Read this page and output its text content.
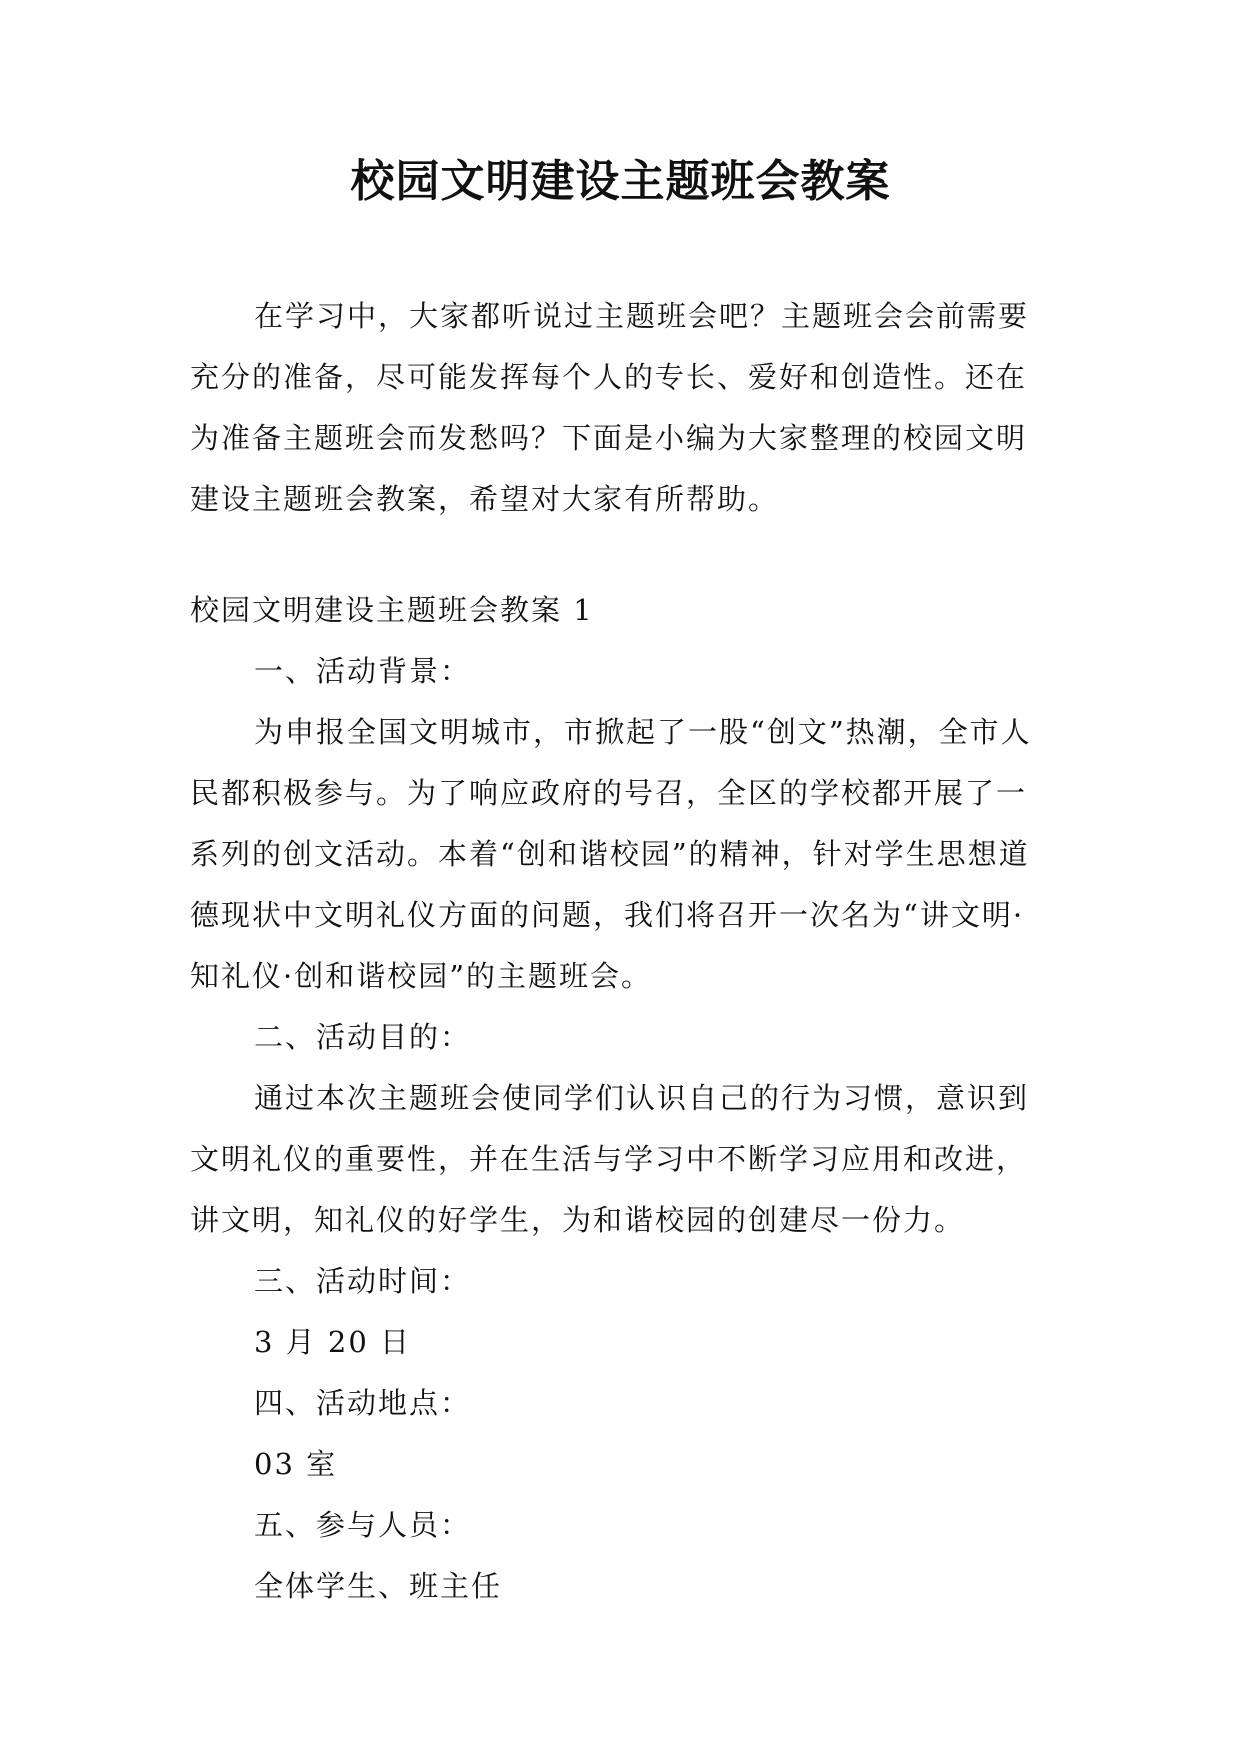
校园文明建设主题班会教案

在学习中，大家都听说过主题班会吧？主题班会会前需要充分的准备，尽可能发挥每个人的专长、爱好和创造性。还在为准备主题班会而发愁吗？下面是小编为大家整理的校园文明建设主题班会教案，希望对大家有所帮助。

校园文明建设主题班会教案 1

一、活动背景：

为申报全国文明城市，市掀起了一股“创文”热潮，全市人民都积极参与。为了响应政府的号召，全区的学校都开展了一系列的创文活动。本着“创和谐校园”的精神，针对学生思想道德现状中文明礼仪方面的问题，我们将召开一次名为“讲文明·知礼仪·创和谐校园”的主题班会。

二、活动目的：

通过本次主题班会使同学们认识自己的行为习惯，意识到文明礼仪的重要性，并在生活与学习中不断学习应用和改进，讲文明，知礼仪的好学生，为和谐校园的创建尽一份力。

三、活动时间：

3 月 20 日

四、活动地点：

03 室

五、参与人员：

全体学生、班主任
